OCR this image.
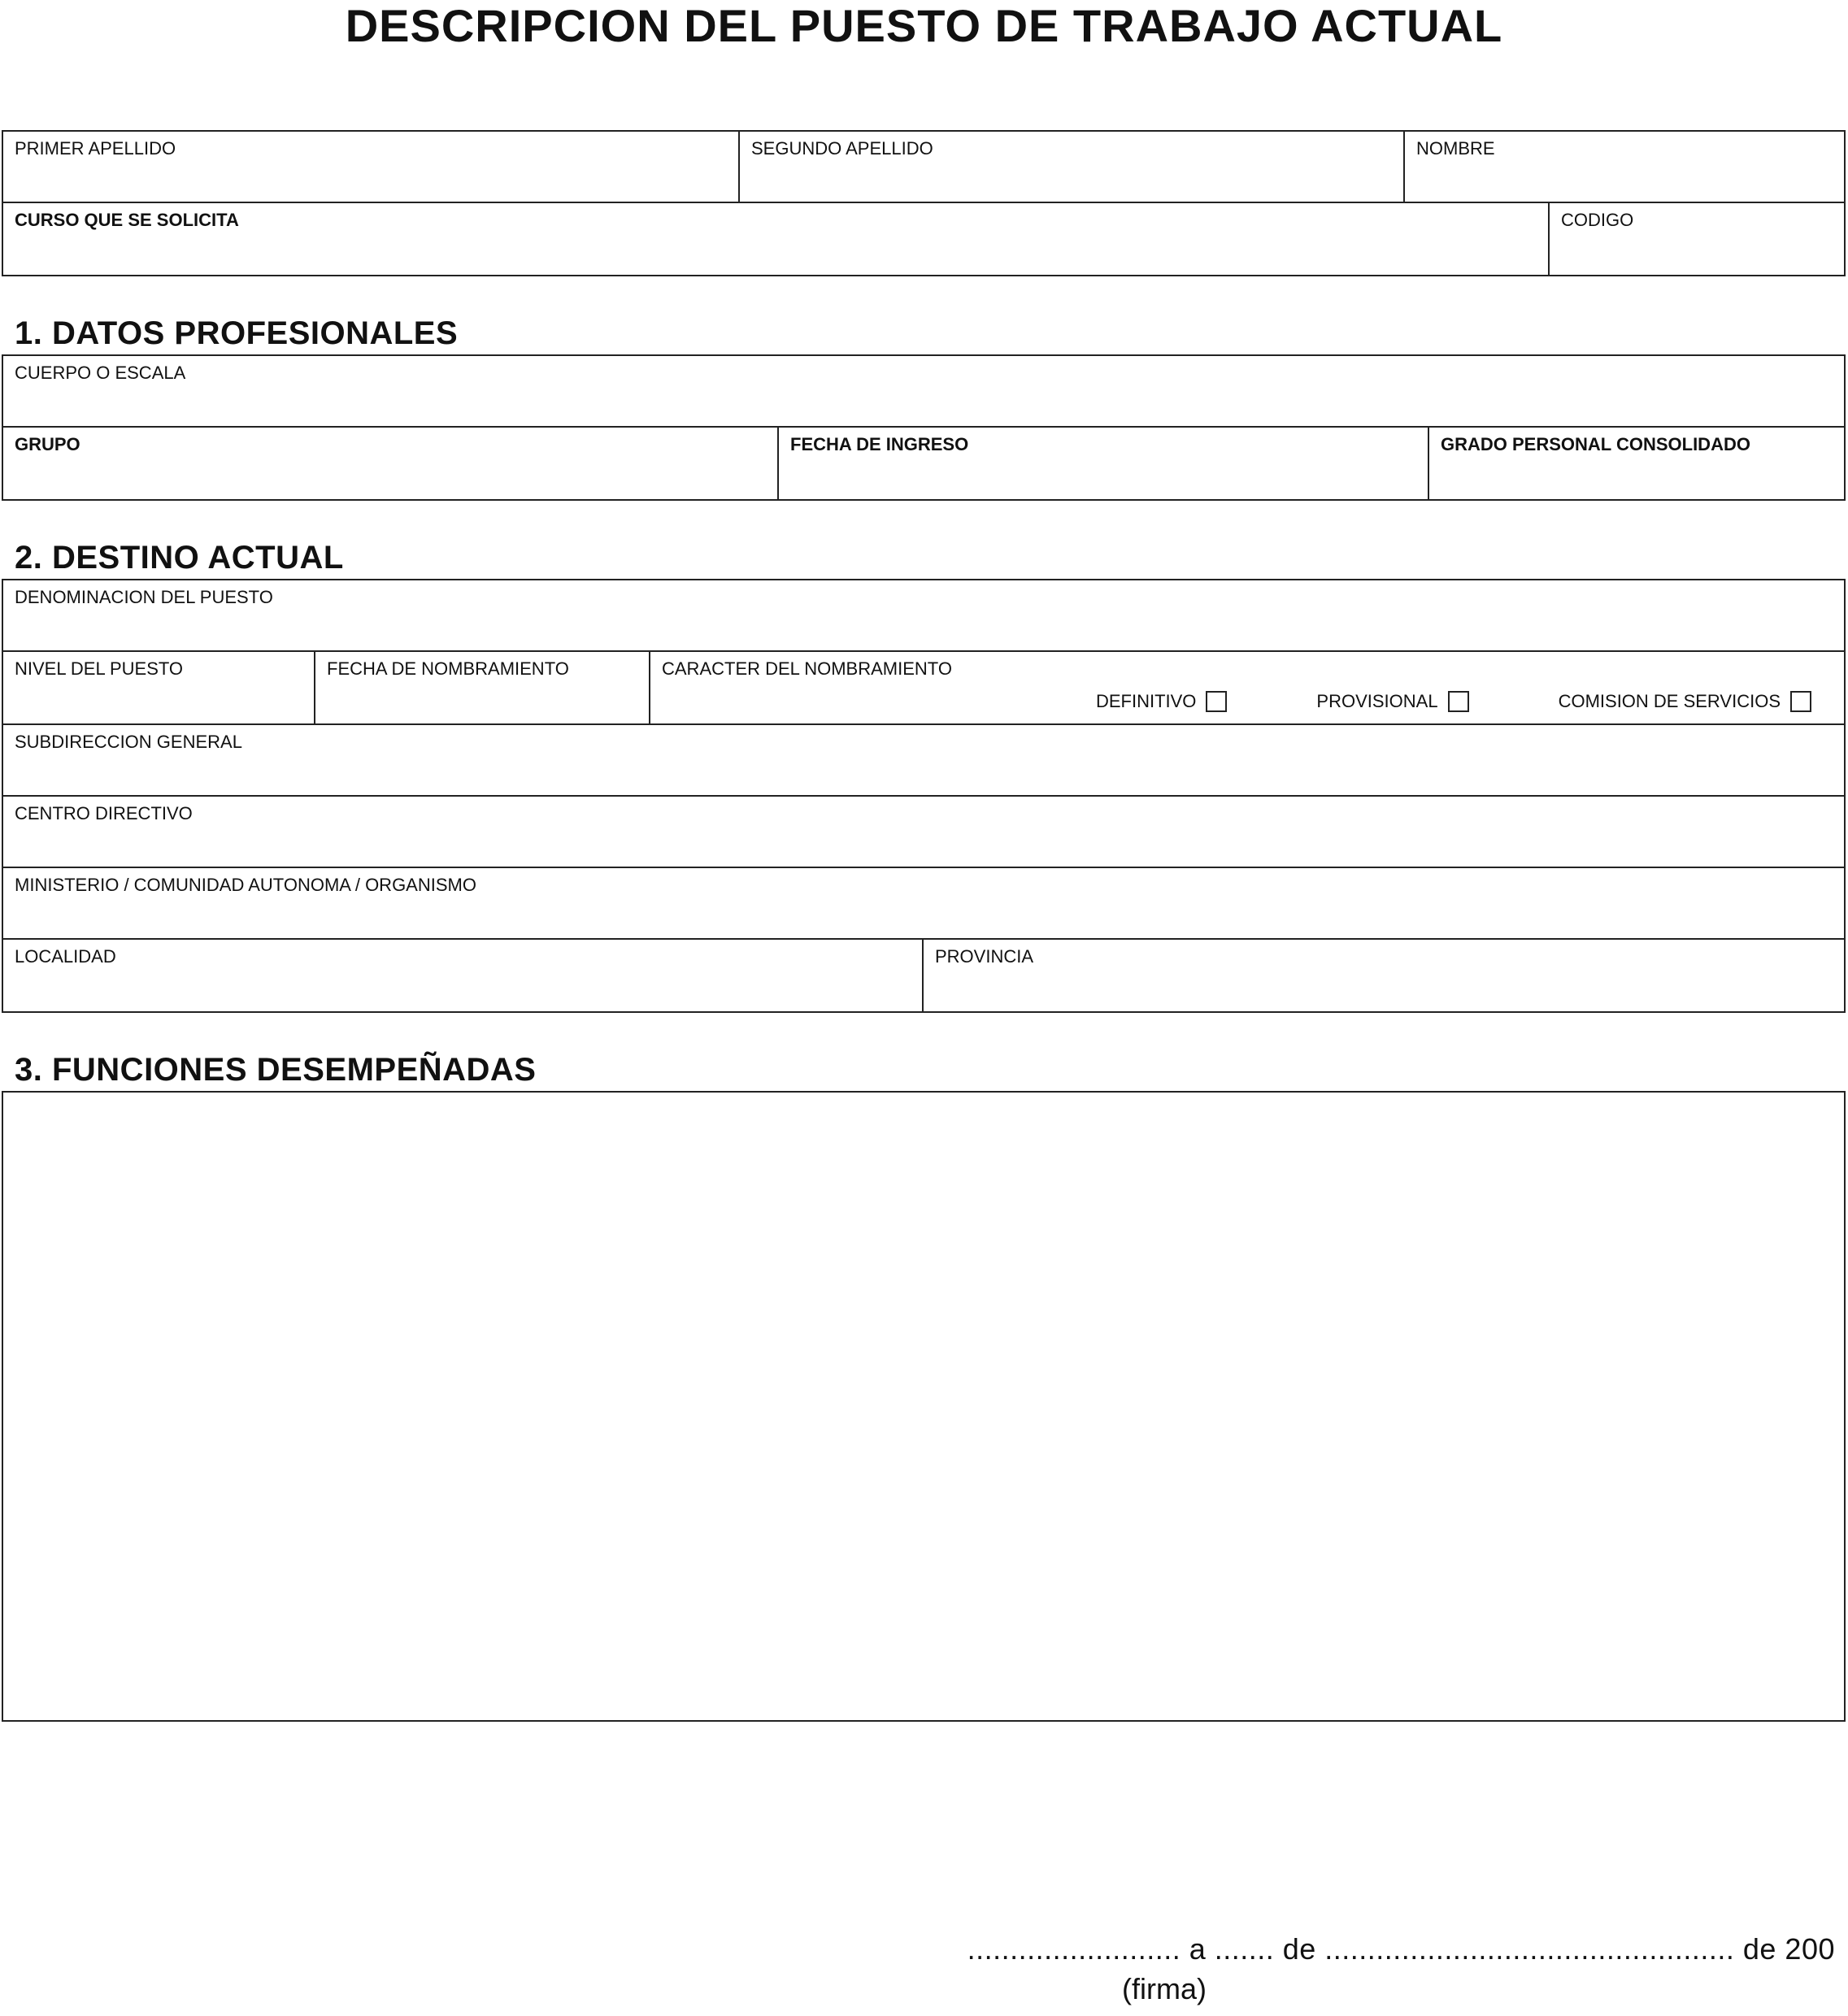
DESCRIPCION DEL PUESTO DE TRABAJO ACTUAL
PRIMER APELLIDO	SEGUNDO APELLIDO	NOMBRE
CURSO QUE SE SOLICITA	CODIGO
1. DATOS PROFESIONALES
CUERPO O ESCALA
GRUPO	FECHA DE INGRESO	GRADO PERSONAL CONSOLIDADO
2. DESTINO ACTUAL
DENOMINACION DEL PUESTO
NIVEL DEL PUESTO	FECHA DE NOMBRAMIENTO	CARACTER DEL NOMBRAMIENTO
DEFINITIVO	PROVISIONAL	COMISION DE SERVICIOS
SUBDIRECCION GENERAL
CENTRO DIRECTIVO
MINISTERIO / COMUNIDAD AUTONOMA / ORGANISMO
LOCALIDAD	PROVINCIA
3. FUNCIONES DESEMPEÑADAS
......................... a ....... de ................................................ de 200
(firma)
